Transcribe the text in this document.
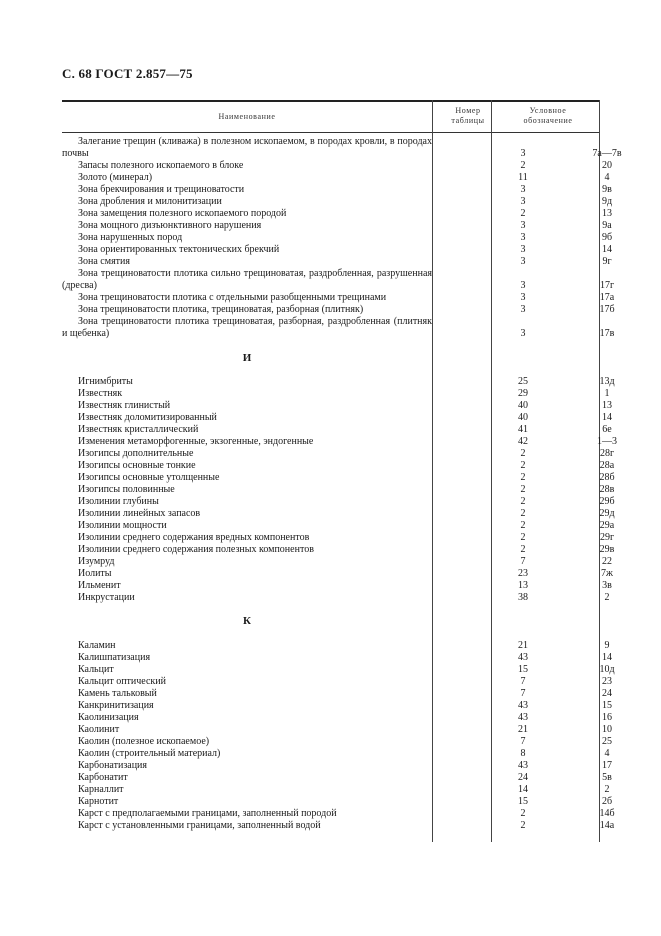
С. 68 ГОСТ 2.857—75
Наименование
Номер таблицы
Условное обозначение
Залегание трещин (кливажа) в полезном ископаемом, в породах кровли, в породах почвы	3	7а—7в
Запасы полезного ископаемого в блоке	2	20
Золото (минерал)	11	4
Зона брекчирования и трещиноватости	3	9в
Зона дробления и милонитизации	3	9д
Зона замещения полезного ископаемого породой	2	13
Зона мощного дизъюнктивного нарушения	3	9а
Зона нарушенных пород	3	9б
Зона ориентированных тектонических брекчий	3	14
Зона смятия	3	9г
Зона трещиноватости плотика сильно трещиноватая, раздробленная, разрушенная (дресва)	3	17г
Зона трещиноватости плотика с отдельными разобщенными трещинами	3	17а
Зона трещиноватости плотика, трещиноватая, разборная (плитняк)	3	17б
Зона трещиноватости плотика трещиноватая, разборная, раздробленная (плитняк и щебенка)	3	17в
И
Игнимбриты	25	13д
Известняк	29	1
Известняк глинистый	40	13
Известняк доломитизированный	40	14
Известняк кристаллический	41	6е
Изменения метаморфогенные, экзогенные, эндогенные	42	1—3
Изогипсы дополнительные	2	28г
Изогипсы основные тонкие	2	28а
Изогипсы основные утолщенные	2	28б
Изогипсы половинные	2	28в
Изолинии глубины	2	29б
Изолинии линейных запасов	2	29д
Изолинии мощности	2	29а
Изолинии среднего содержания вредных компонентов	2	29г
Изолинии среднего содержания полезных компонентов	2	29в
Изумруд	7	22
Иолиты	23	7ж
Ильменит	13	3в
Инкрустации	38	2
К
Каламин	21	9
Калишпатизация	43	14
Кальцит	15	10д
Кальцит оптический	7	23
Камень тальковый	7	24
Канкринитизация	43	15
Каолинизация	43	16
Каолинит	21	10
Каолин (полезное ископаемое)	7	25
Каолин (строительный материал)	8	4
Карбонатизация	43	17
Карбонатит	24	5в
Карналлит	14	2
Карнотит	15	2б
Карст с предполагаемыми границами, заполненный породой	2	14б
Карст с установленными границами, заполненный водой	2	14а
